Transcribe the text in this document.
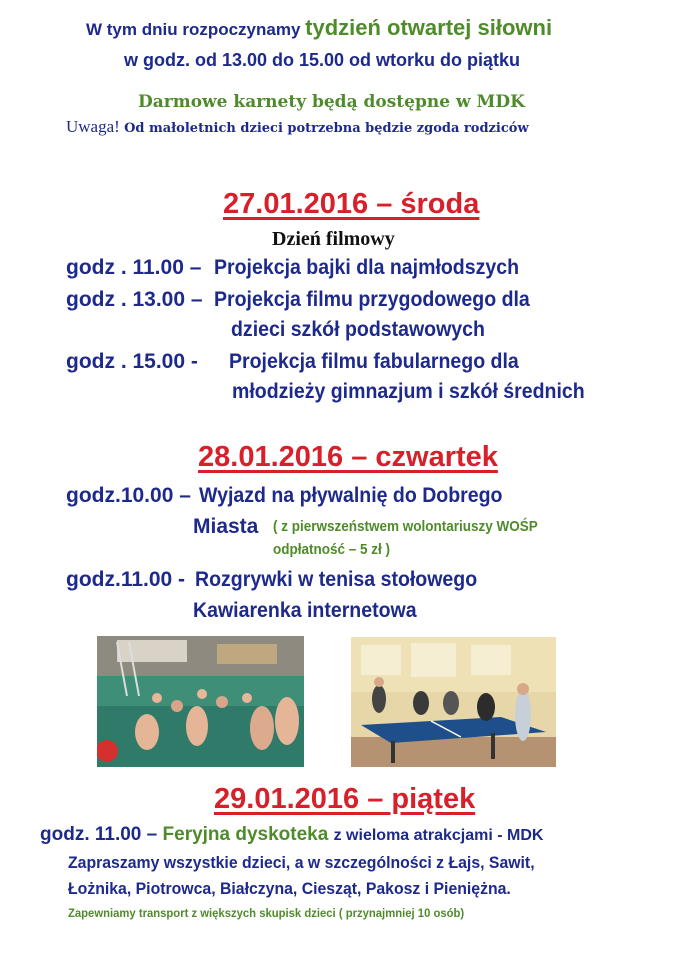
W tym dniu rozpoczynamy tydzień otwartej siłowni
w godz. od 13.00 do 15.00 od wtorku do piątku
Darmowe karnety będą dostępne w MDK
Uwaga! Od małoletnich dzieci potrzebna będzie zgoda rodziców
27.01.2016 – środa
Dzień filmowy
godz . 11.00 – Projekcja bajki dla najmłodszych
godz . 13.00 – Projekcja filmu przygodowego dla
dzieci szkół podstawowych
godz . 15.00 - Projekcja filmu fabularnego dla
młodzieży gimnazjum i szkół średnich
28.01.2016 – czwartek
godz.10.00 – Wyjazd na pływalnię do Dobrego
Miasta ( z pierwszeństwem wolontariuszy WOŚP
odpłatność – 5 zł )
godz.11.00 - Rozgrywki w tenisa stołowego
Kawiarenka internetowa
29.01.2016 – piątek
godz. 11.00 – Feryjna dyskoteka z wieloma atrakcjami - MDK
Zapraszamy wszystkie dzieci, a w szczególności z Łajs, Sawit,
Łożnika, Piotrowca, Białczyna, Ciesząt, Pakosz i Pieniężna.
Zapewniamy transport z większych skupisk dzieci ( przynajmniej 10 osób)
